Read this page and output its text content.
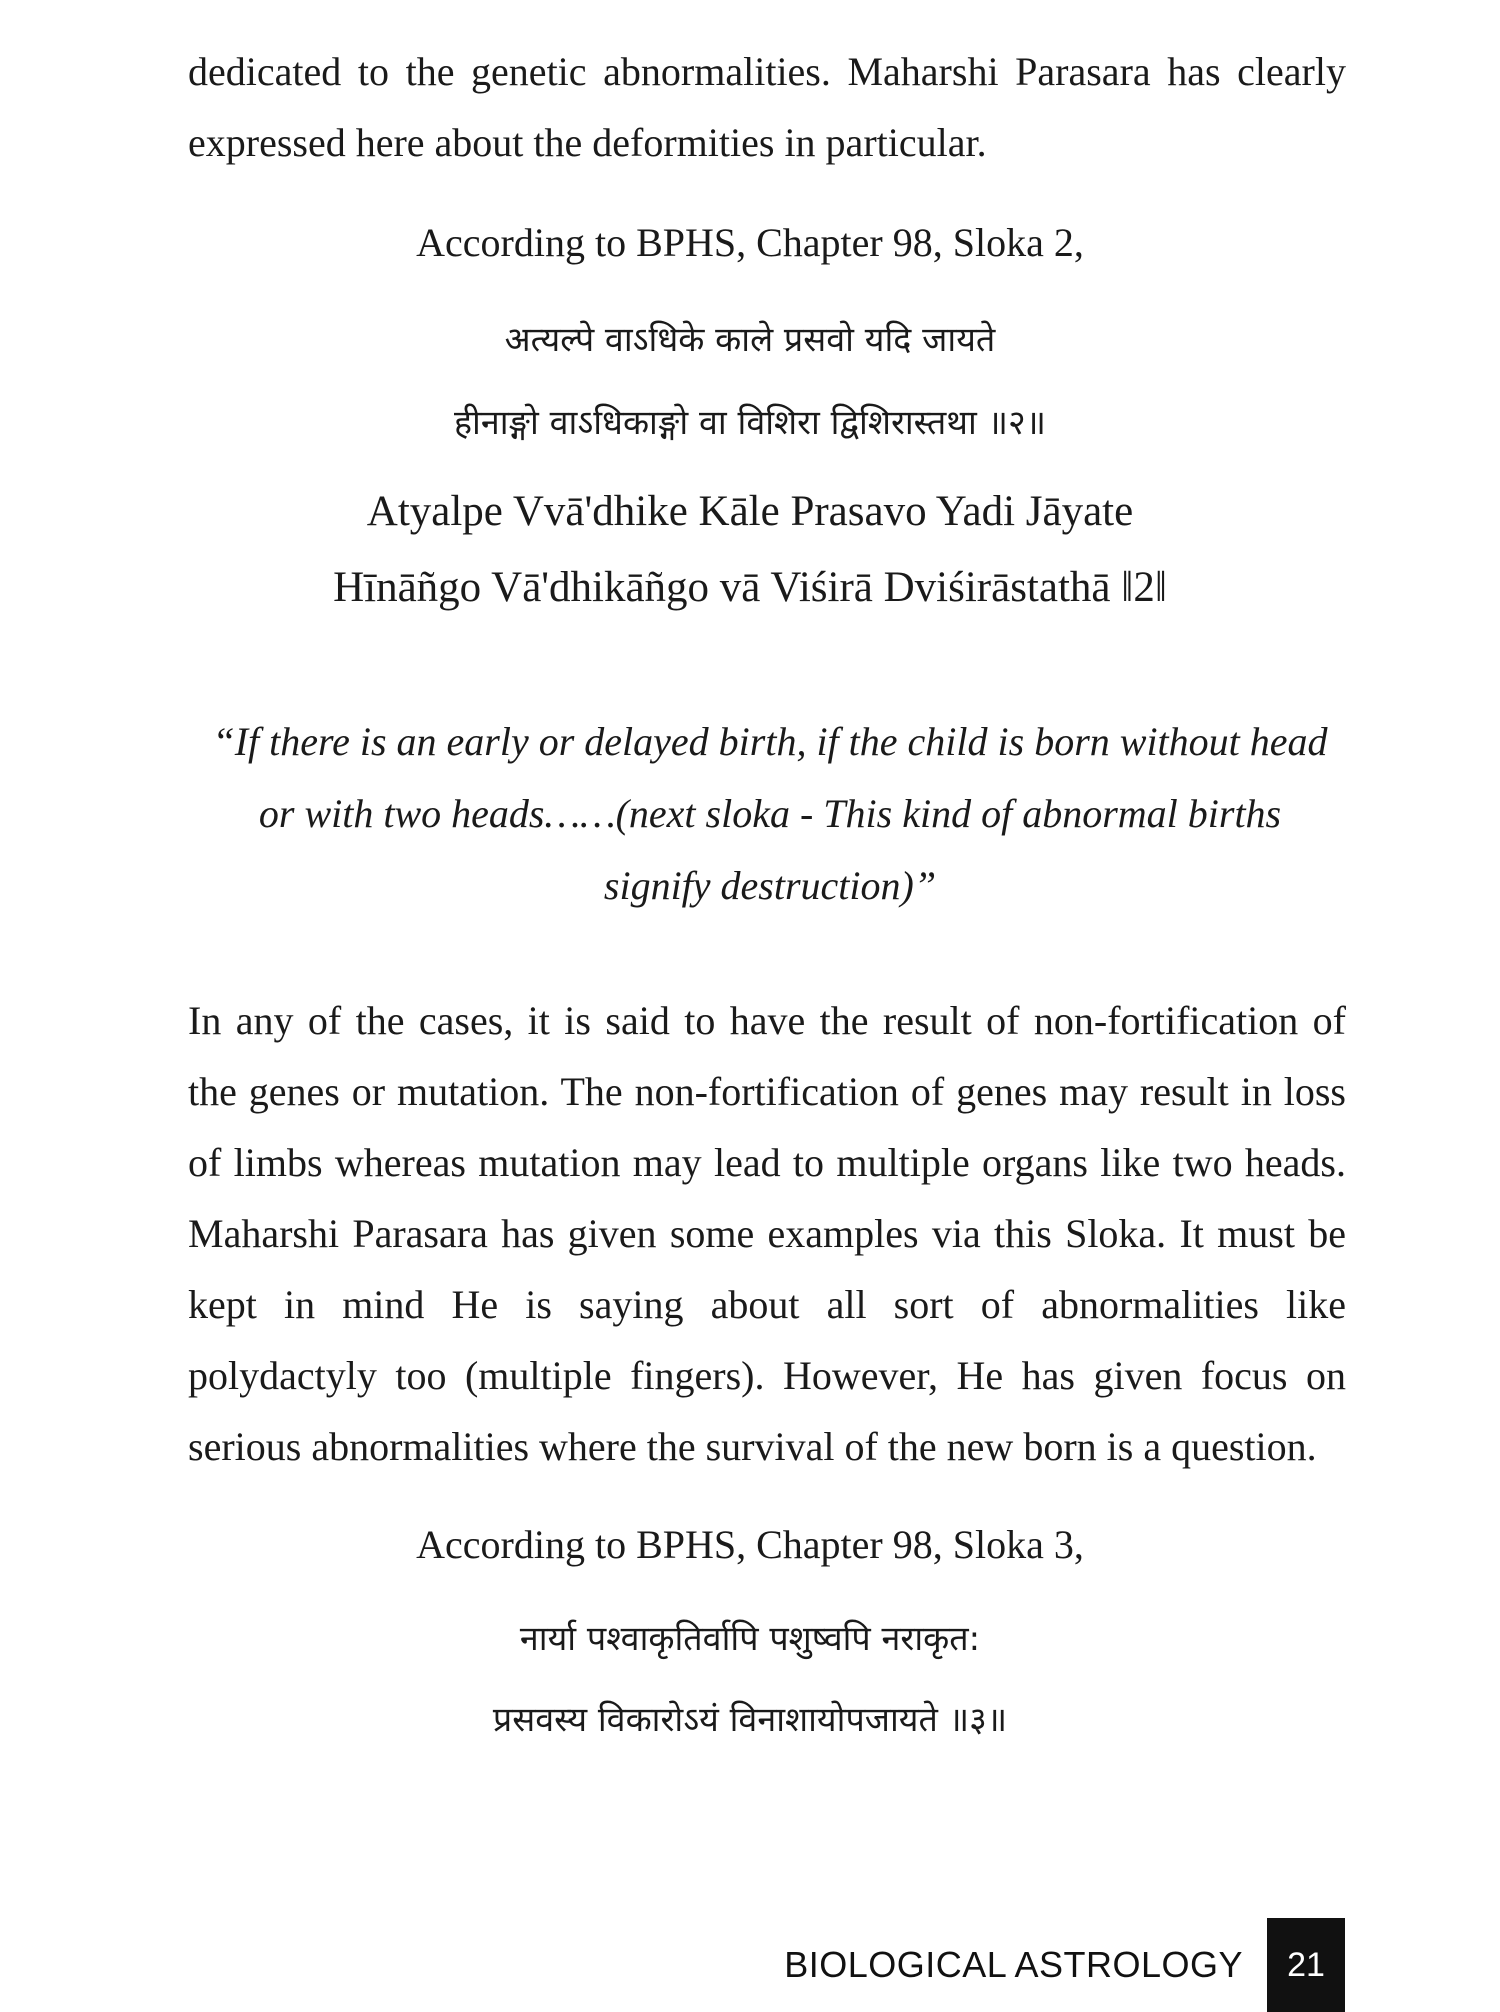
dedicated to the genetic abnormalities. Maharshi Parasara has clearly
expressed here about the deformities in particular.
According to BPHS, Chapter 98, Sloka 2,
अत्यल्पे वाऽधिके काले प्रसवो यदि जायते
हीनाङ्गो वाऽधिकाङ्गो वा विशिरा द्विशिरास्तथा ॥२॥
Atyalpe Vvā'dhike Kāle Prasavo Yadi Jāyate
Hīnāñgo Vā'dhikāñgo vā Viśirā Dviśirāstathā ‖2‖
“If there is an early or delayed birth, if the child is born without head
or with two heads……(next sloka - This kind of abnormal births
signify destruction)”
In any of the cases, it is said to have the result of non-fortification of
the genes or mutation. The non-fortification of genes may result in loss
of limbs whereas mutation may lead to multiple organs like two heads.
Maharshi Parasara has given some examples via this Sloka. It must be
kept in mind He is saying about all sort of abnormalities like
polydactyly too (multiple fingers). However, He has given focus on
serious abnormalities where the survival of the new born is a question.
According to BPHS, Chapter 98, Sloka 3,
नार्या पश्वाकृतिर्वापि पशुष्वपि नराकृत:
प्रसवस्य विकारोऽयं विनाशायोपजायते ॥३॥
BIOLOGICAL ASTROLOGY	21
